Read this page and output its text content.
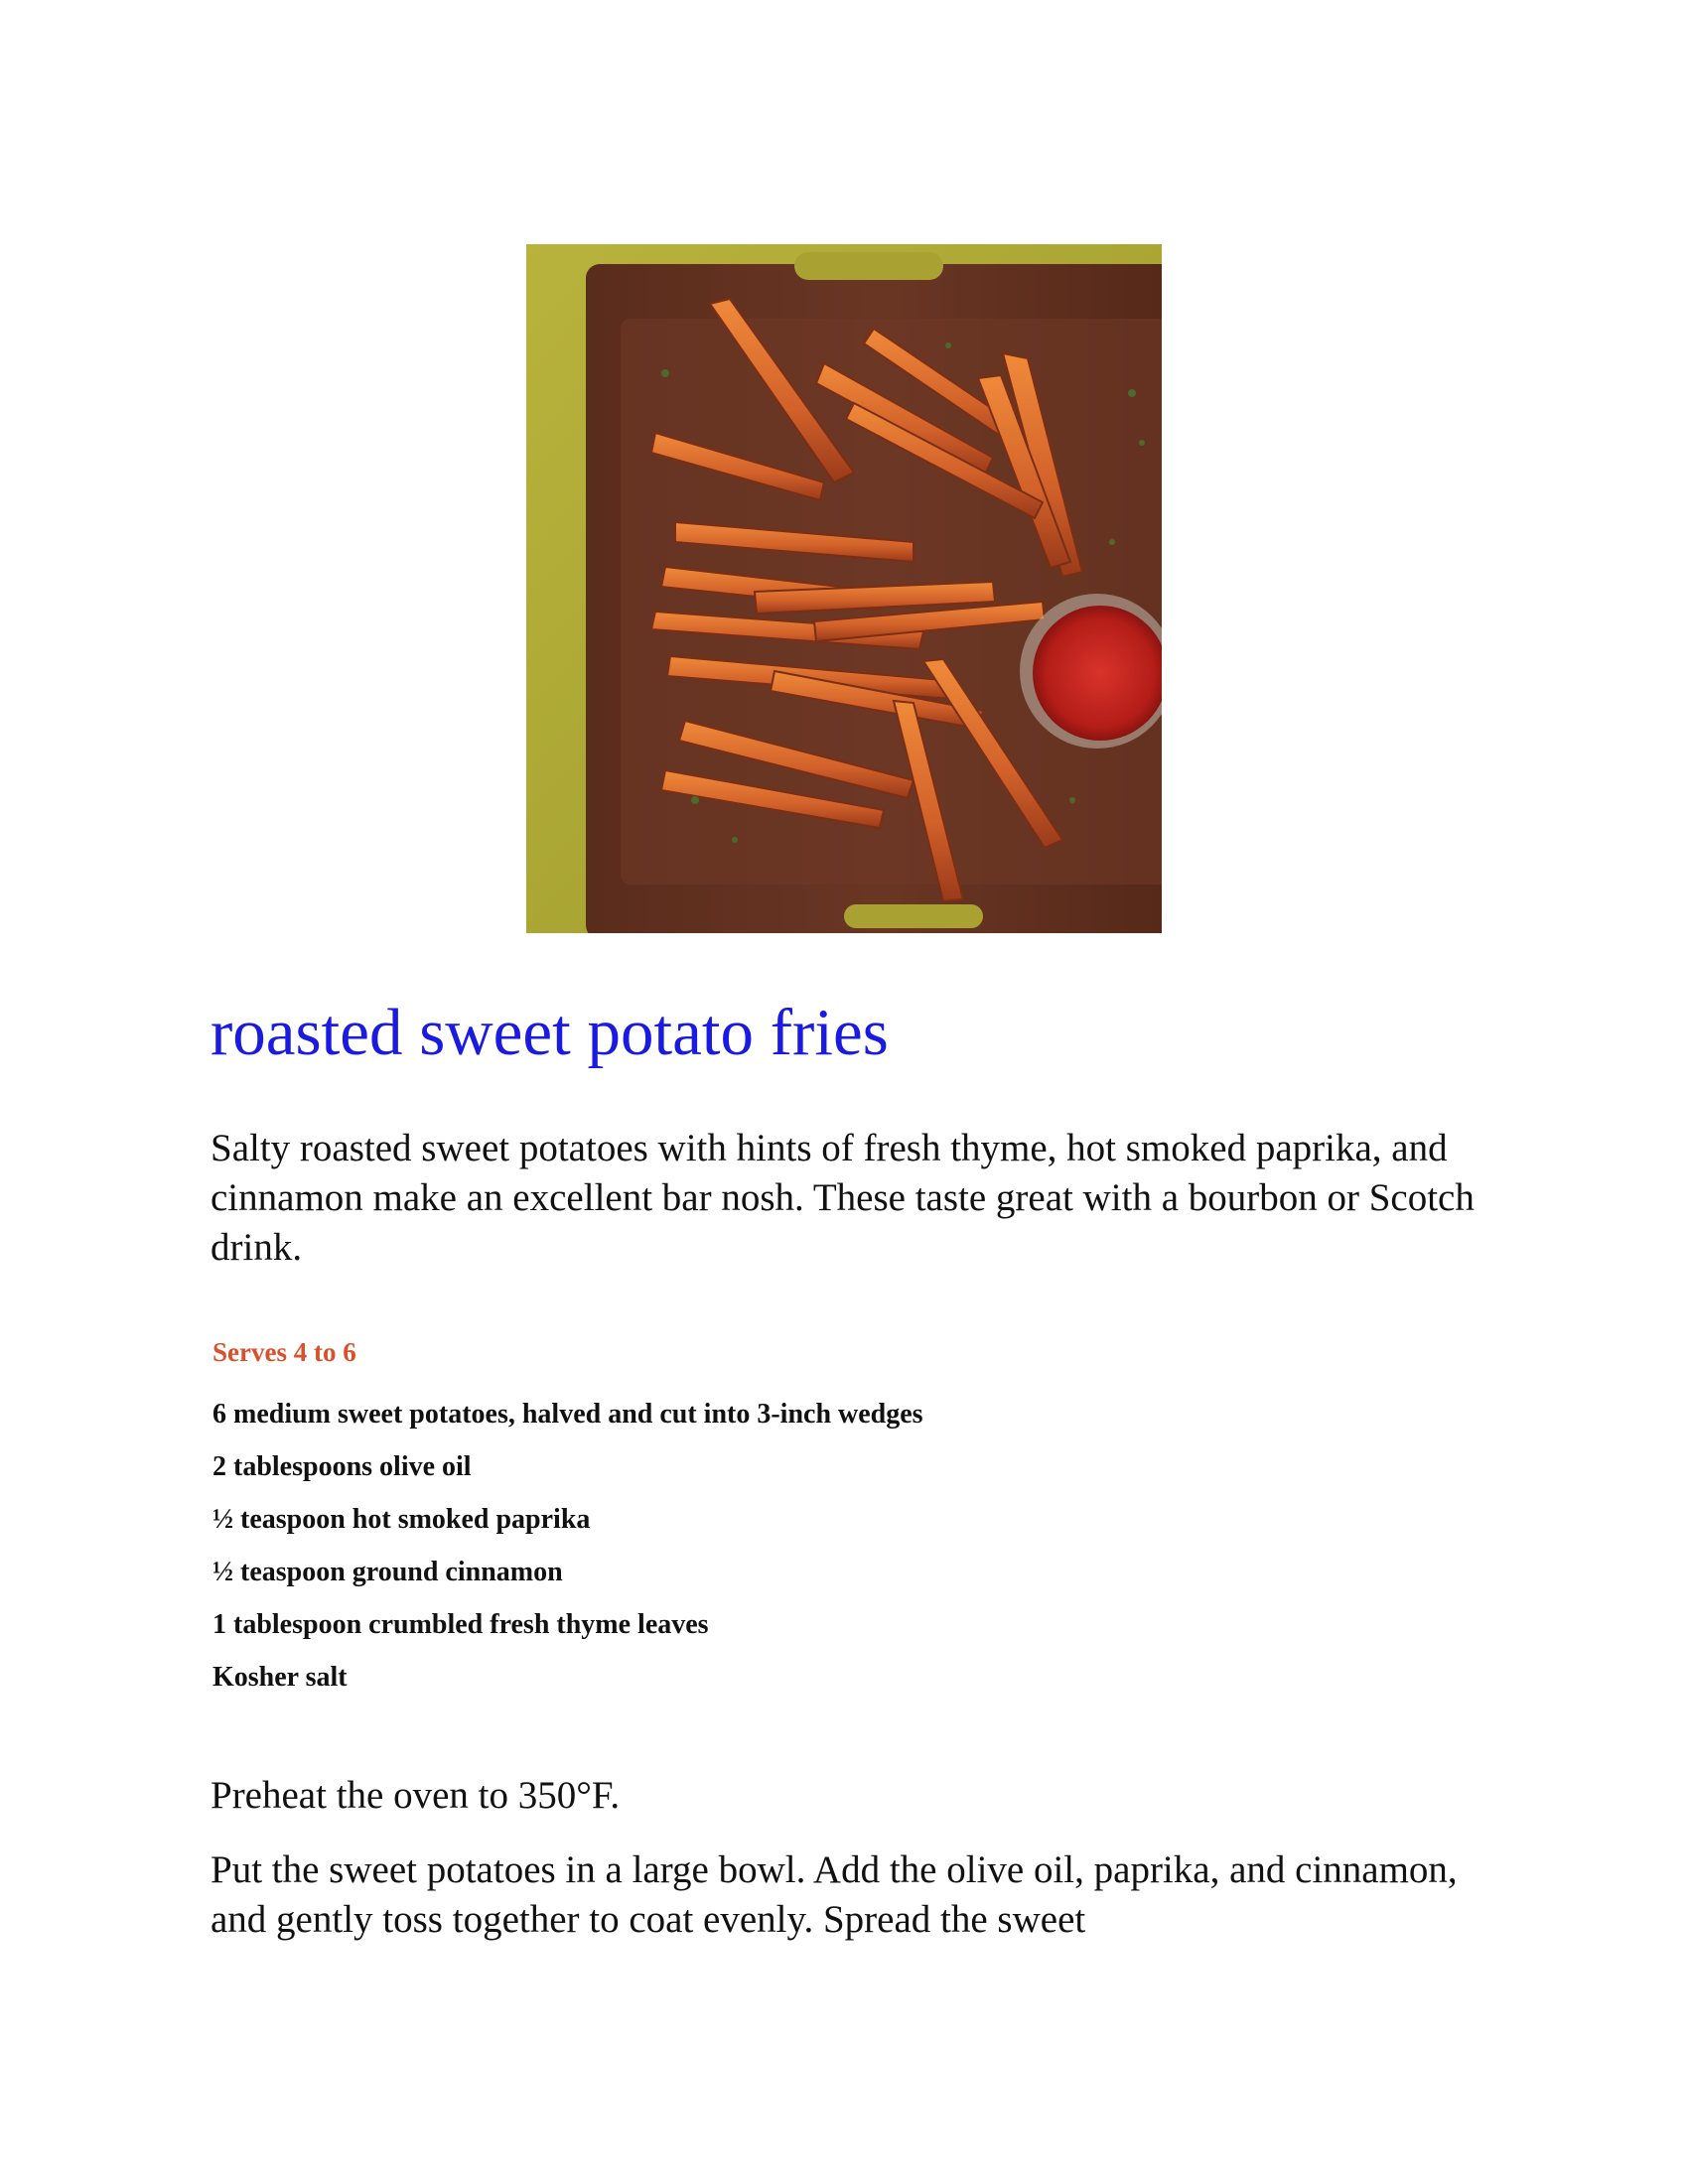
roasted sweet potato fries

Salty roasted sweet potatoes with hints of fresh thyme, hot smoked paprika, and cinnamon make an excellent bar nosh. These taste great with a bourbon or Scotch drink.

Serves 4 to 6

6 medium sweet potatoes, halved and cut into 3-inch wedges
2 tablespoons olive oil
½ teaspoon hot smoked paprika
½ teaspoon ground cinnamon
1 tablespoon crumbled fresh thyme leaves
Kosher salt

Preheat the oven to 350°F.

Put the sweet potatoes in a large bowl. Add the olive oil, paprika, and cinnamon, and gently toss together to coat evenly. Spread the sweet
